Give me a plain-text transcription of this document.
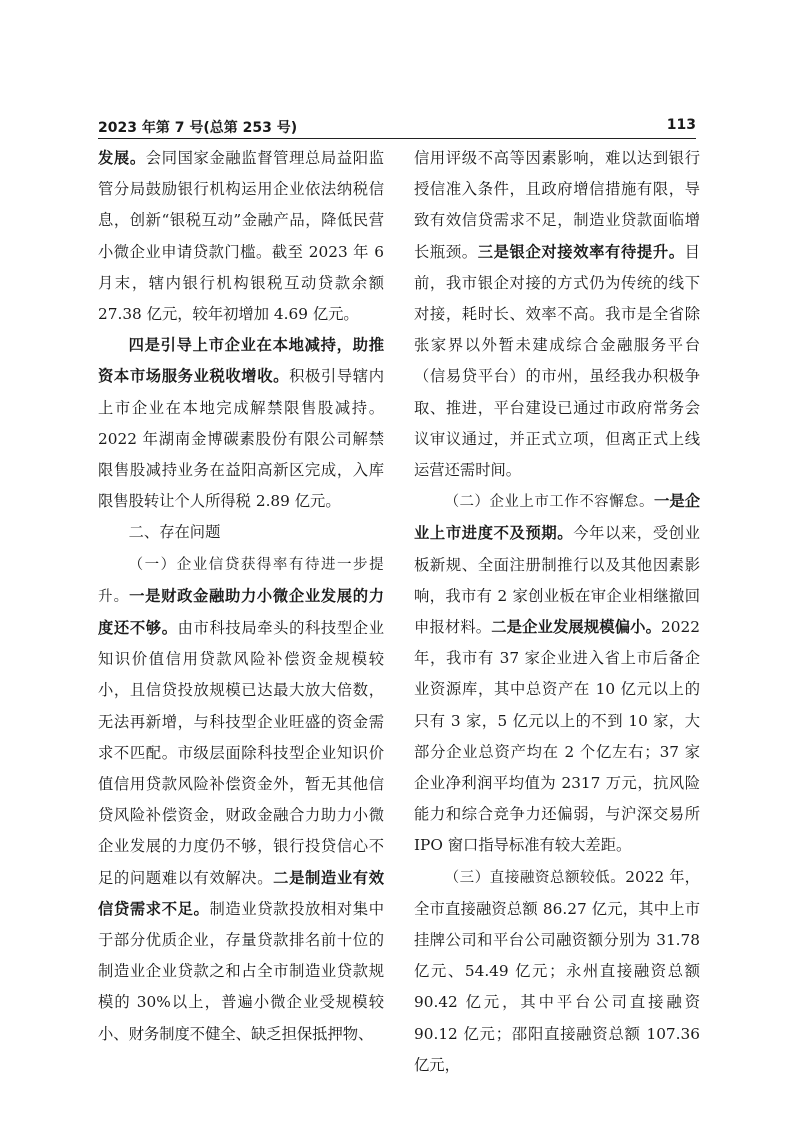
2023 年第 7 号(总第 253 号)	113

发展。会同国家金融监督管理总局益阳监管分局鼓励银行机构运用企业依法纳税信息，创新“银税互动”金融产品，降低民营小微企业申请贷款门槛。截至 2023 年 6 月末，辖内银行机构银税互动贷款余额 27.38 亿元，较年初增加 4.69 亿元。

四是引导上市企业在本地减持，助推资本市场服务业税收增收。积极引导辖内上市企业在本地完成解禁限售股减持。2022 年湖南金博碳素股份有限公司解禁限售股减持业务在益阳高新区完成，入库限售股转让个人所得税 2.89 亿元。

二、存在问题

（一）企业信贷获得率有待进一步提升。一是财政金融助力小微企业发展的力度还不够。由市科技局牵头的科技型企业知识价值信用贷款风险补偿资金规模较小，且信贷投放规模已达最大放大倍数，无法再新增，与科技型企业旺盛的资金需求不匹配。市级层面除科技型企业知识价值信用贷款风险补偿资金外，暂无其他信贷风险补偿资金，财政金融合力助力小微企业发展的力度仍不够，银行投贷信心不足的问题难以有效解决。二是制造业有效信贷需求不足。制造业贷款投放相对集中于部分优质企业，存量贷款排名前十位的制造业企业贷款之和占全市制造业贷款规模的 30%以上，普遍小微企业受规模较小、财务制度不健全、缺乏担保抵押物、

信用评级不高等因素影响，难以达到银行授信准入条件，且政府增信措施有限，导致有效信贷需求不足，制造业贷款面临增长瓶颈。三是银企对接效率有待提升。目前，我市银企对接的方式仍为传统的线下对接，耗时长、效率不高。我市是全省除张家界以外暂未建成综合金融服务平台（信易贷平台）的市州，虽经我办积极争取、推进，平台建设已通过市政府常务会议审议通过，并正式立项，但离正式上线运营还需时间。

（二）企业上市工作不容懈怠。一是企业上市进度不及预期。今年以来，受创业板新规、全面注册制推行以及其他因素影响，我市有 2 家创业板在审企业相继撤回申报材料。二是企业发展规模偏小。2022 年，我市有 37 家企业进入省上市后备企业资源库，其中总资产在 10 亿元以上的只有 3 家，5 亿元以上的不到 10 家，大部分企业总资产均在 2 个亿左右；37 家企业净利润平均值为 2317 万元，抗风险能力和综合竞争力还偏弱，与沪深交易所 IPO 窗口指导标准有较大差距。

（三）直接融资总额较低。2022 年，全市直接融资总额 86.27 亿元，其中上市挂牌公司和平台公司融资额分别为 31.78 亿元、54.49 亿元；永州直接融资总额 90.42 亿元，其中平台公司直接融资 90.12 亿元；邵阳直接融资总额 107.36 亿元，
